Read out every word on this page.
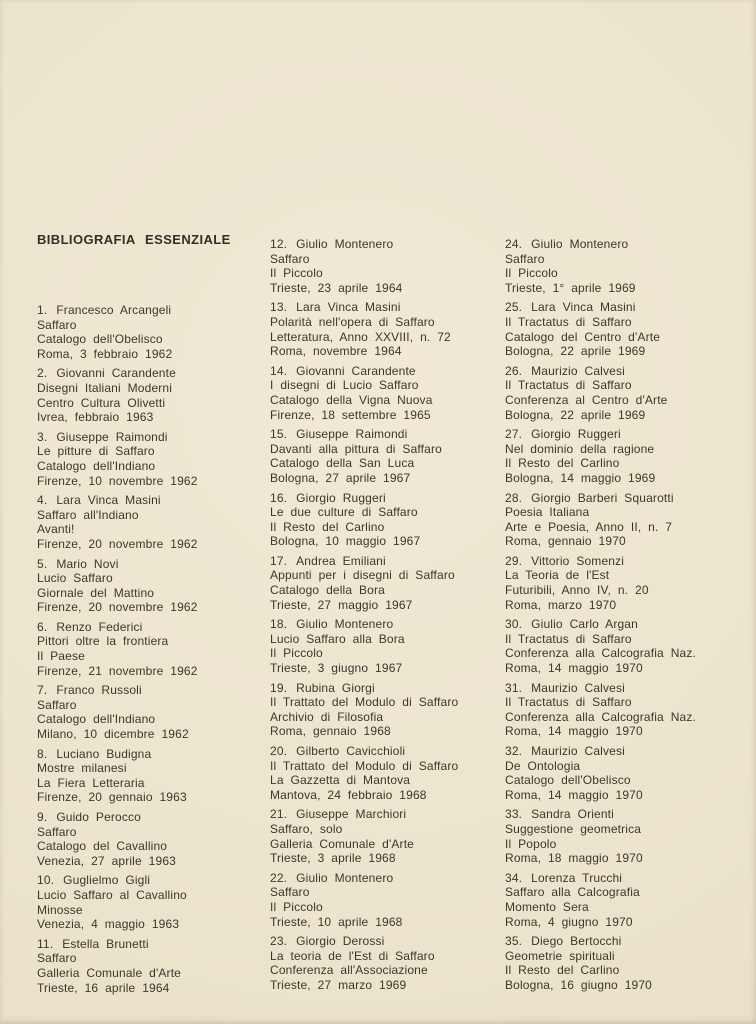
BIBLIOGRAFIA ESSENZIALE
1. Francesco Arcangeli
Saffaro
Catalogo dell'Obelisco
Roma, 3 febbraio 1962
2. Giovanni Carandente
Disegni Italiani Moderni
Centro Cultura Olivetti
Ivrea, febbraio 1963
3. Giuseppe Raimondi
Le pitture di Saffaro
Catalogo dell'Indiano
Firenze, 10 novembre 1962
4. Lara Vinca Masini
Saffaro all'Indiano
Avanti!
Firenze, 20 novembre 1962
5. Mario Novi
Lucio Saffaro
Giornale del Mattino
Firenze, 20 novembre 1962
6. Renzo Federici
Pittori oltre la frontiera
Il Paese
Firenze, 21 novembre 1962
7. Franco Russoli
Saffaro
Catalogo dell'Indiano
Milano, 10 dicembre 1962
8. Luciano Budigna
Mostre milanesi
La Fiera Letteraria
Firenze, 20 gennaio 1963
9. Guido Perocco
Saffaro
Catalogo del Cavallino
Venezia, 27 aprile 1963
10. Guglielmo Gigli
Lucio Saffaro al Cavallino
Minosse
Venezia, 4 maggio 1963
11. Estella Brunetti
Saffaro
Galleria Comunale d'Arte
Trieste, 16 aprile 1964
12. Giulio Montenero
Saffaro
Il Piccolo
Trieste, 23 aprile 1964
13. Lara Vinca Masini
Polarità nell'opera di Saffaro
Letteratura, Anno XXVIII, n. 72
Roma, novembre 1964
14. Giovanni Carandente
I disegni di Lucio Saffaro
Catalogo della Vigna Nuova
Firenze, 18 settembre 1965
15. Giuseppe Raimondi
Davanti alla pittura di Saffaro
Catalogo della San Luca
Bologna, 27 aprile 1967
16. Giorgio Ruggeri
Le due culture di Saffaro
Il Resto del Carlino
Bologna, 10 maggio 1967
17. Andrea Emiliani
Appunti per i disegni di Saffaro
Catalogo della Bora
Trieste, 27 maggio 1967
18. Giulio Montenero
Lucio Saffaro alla Bora
Il Piccolo
Trieste, 3 giugno 1967
19. Rubina Giorgi
Il Trattato del Modulo di Saffaro
Archivio di Filosofia
Roma, gennaio 1968
20. Gilberto Cavicchioli
Il Trattato del Modulo di Saffaro
La Gazzetta di Mantova
Mantova, 24 febbraio 1968
21. Giuseppe Marchiori
Saffaro, solo
Galleria Comunale d'Arte
Trieste, 3 aprile 1968
22. Giulio Montenero
Saffaro
Il Piccolo
Trieste, 10 aprile 1968
23. Giorgio Derossi
La teoria de l'Est di Saffaro
Conferenza all'Associazione
Trieste, 27 marzo 1969
24. Giulio Montenero
Saffaro
Il Piccolo
Trieste, 1° aprile 1969
25. Lara Vinca Masini
Il Tractatus di Saffaro
Catalogo del Centro d'Arte
Bologna, 22 aprile 1969
26. Maurizio Calvesi
Il Tractatus di Saffaro
Conferenza al Centro d'Arte
Bologna, 22 aprile 1969
27. Giorgio Ruggeri
Nel dominio della ragione
Il Resto del Carlino
Bologna, 14 maggio 1969
28. Giorgio Barberi Squarotti
Poesia Italiana
Arte e Poesia, Anno II, n. 7
Roma, gennaio 1970
29. Vittorio Somenzi
La Teoria de l'Est
Futuribili, Anno IV, n. 20
Roma, marzo 1970
30. Giulio Carlo Argan
Il Tractatus di Saffaro
Conferenza alla Calcografia Naz.
Roma, 14 maggio 1970
31. Maurizio Calvesi
Il Tractatus di Saffaro
Conferenza alla Calcografia Naz.
Roma, 14 maggio 1970
32. Maurizio Calvesi
De Ontologia
Catalogo dell'Obelisco
Roma, 14 maggio 1970
33. Sandra Orienti
Suggestione geometrica
Il Popolo
Roma, 18 maggio 1970
34. Lorenza Trucchi
Saffaro alla Calcografia
Momento Sera
Roma, 4 giugno 1970
35. Diego Bertocchi
Geometrie spirituali
Il Resto del Carlino
Bologna, 16 giugno 1970
